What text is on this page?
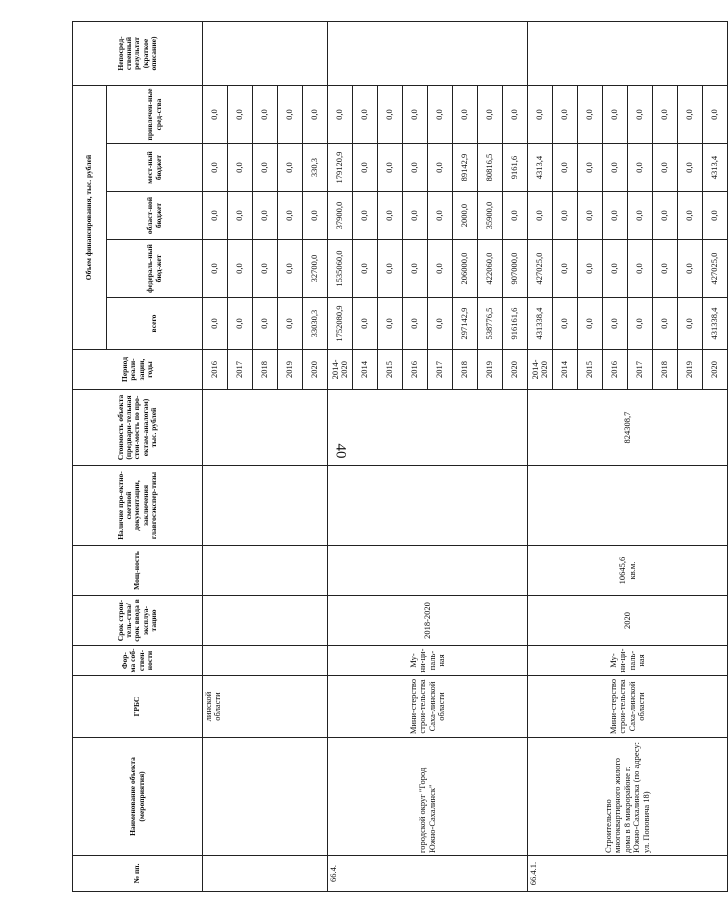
40
№ пп.	Наименование объекта (мероприятия)	ГРБС	Фор-ма соб-ствен-ности	Срок строи-тель-ства/срок ввода в эксплуа-тацию	Мощ-ность	Наличие про-ектно-сметной документации, заключения главгосэкспер-тизы	Стоимость объекта (предвари-тельная стои-мость по про-ектам-аналогам) тыс. рублей	Период реали-зации, годы	Объем финансирования, тыс. рублей					Непосред-ственный результат (краткое описание)
									всего	федераль-ный бюд-жет	област-ной бюджет	мест-ный бюджет	привлечен-ные сред-ства	
		линской области						2016	0,0	0,0	0,0	0,0	0,0	
								2017	0,0	0,0	0,0	0,0	0,0	
								2018	0,0	0,0	0,0	0,0	0,0	
								2019	0,0	0,0	0,0	0,0	0,0	
								2020	33030,3	32700,0	0,0	330,3	0,0	
66.4.	городской округ "Город Южно-Сахалинск"	Мини-стерство строи-тельства Саха-линской области	Му-ни-ци-паль-ная	2018-2020				2014-2020	1752080,9	1535060,0	37900,0	179120,9	0,0	
								2014	0,0	0,0	0,0	0,0	0,0	
								2015	0,0	0,0	0,0	0,0	0,0	
								2016	0,0	0,0	0,0	0,0	0,0	
								2017	0,0	0,0	0,0	0,0	0,0	
								2018	297142,9	206000,0	2000,0	89142,9	0,0	
								2019	538776,5	422060,0	35900,0	80816,5	0,0	
								2020	916161,6	907000,0	0,0	9161,6	0,0	
66.4.1.	Строительство многоквартирного жилого дома в 8 микрорайоне г. Южно-Сахалинска (по адресу: ул. Поповича 18)	Мини-стерство строи-тельства Саха-линской области	Му-ни-ци-паль-ная	2020	10645,6 кв.м.		824308,7	2014-2020	431338,4	427025,0	0,0	4313,4	0,0	
								2014	0,0	0,0	0,0	0,0	0,0	
								2015	0,0	0,0	0,0	0,0	0,0	
								2016	0,0	0,0	0,0	0,0	0,0	
								2017	0,0	0,0	0,0	0,0	0,0	
								2018	0,0	0,0	0,0	0,0	0,0	
								2019	0,0	0,0	0,0	0,0	0,0	
								2020	431338,4	427025,0	0,0	4313,4	0,0	
